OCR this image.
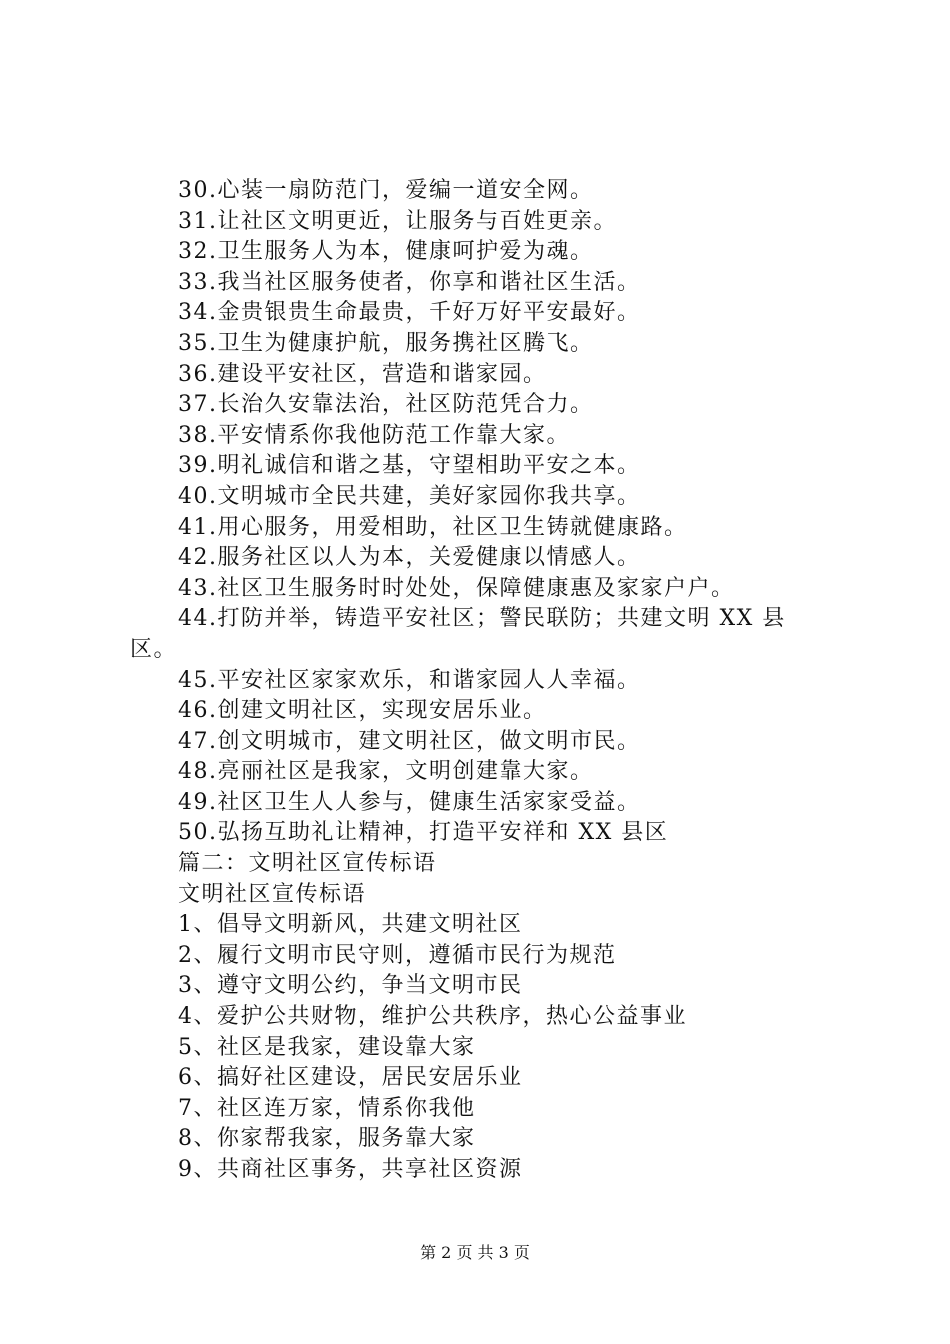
30.心装一扇防范门，爱编一道安全网。
31.让社区文明更近，让服务与百姓更亲。
32.卫生服务人为本，健康呵护爱为魂。
33.我当社区服务使者，你享和谐社区生活。
34.金贵银贵生命最贵，千好万好平安最好。
35.卫生为健康护航，服务携社区腾飞。
36.建设平安社区，营造和谐家园。
37.长治久安靠法治，社区防范凭合力。
38.平安情系你我他防范工作靠大家。
39.明礼诚信和谐之基，守望相助平安之本。
40.文明城市全民共建，美好家园你我共享。
41.用心服务，用爱相助，社区卫生铸就健康路。
42.服务社区以人为本，关爱健康以情感人。
43.社区卫生服务时时处处，保障健康惠及家家户户。
44.打防并举，铸造平安社区；警民联防；共建文明 XX 县
区。
45.平安社区家家欢乐，和谐家园人人幸福。
46.创建文明社区，实现安居乐业。
47.创文明城市，建文明社区，做文明市民。
48.亮丽社区是我家，文明创建靠大家。
49.社区卫生人人参与，健康生活家家受益。
50.弘扬互助礼让精神，打造平安祥和 XX 县区
篇二：文明社区宣传标语
文明社区宣传标语
1、倡导文明新风，共建文明社区
2、履行文明市民守则，遵循市民行为规范
3、遵守文明公约，争当文明市民
4、爱护公共财物，维护公共秩序，热心公益事业
5、社区是我家，建设靠大家
6、搞好社区建设，居民安居乐业
7、社区连万家，情系你我他
8、你家帮我家，服务靠大家
9、共商社区事务，共享社区资源
第 2 页 共 3 页
